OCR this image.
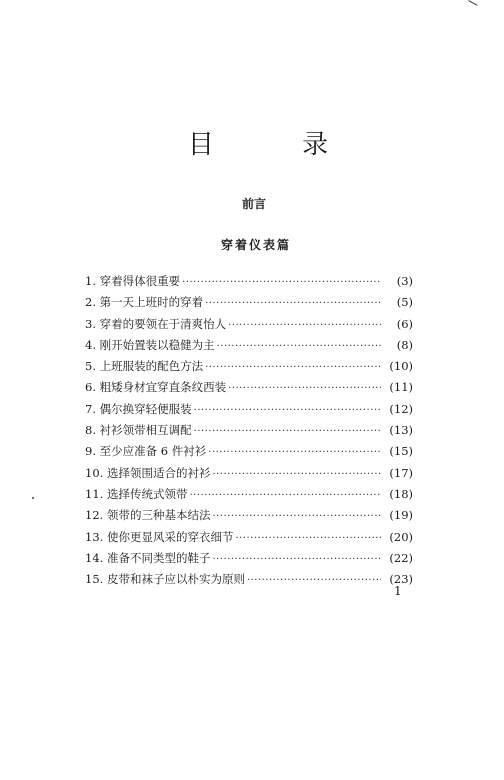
目 录
前言
穿着仪表篇
1. 穿着得体很重要 ·····	(3)
2. 第一天上班时的穿着 ·····	(5)
3. 穿着的要领在于清爽怡人 ·····	(6)
4. 刚开始置装以稳健为主 ·····	(8)
5. 上班服装的配色方法 ·····	(10)
6. 粗矮身材宜穿直条纹西装 ·····	(11)
7. 偶尔换穿轻便服装 ·····	(12)
8. 衬衫领带相互调配 ·····	(13)
9. 至少应准备 6 件衬衫 ·····	(15)
10. 选择领围适合的衬衫 ·····	(17)
11. 选择传统式领带 ·····	(18)
12. 领带的三种基本结法 ·····	(19)
13. 使你更显风采的穿衣细节 ·····	(20)
14. 准备不同类型的鞋子 ·····	(22)
15. 皮带和袜子应以朴实为原则 ·····	(23)
1
